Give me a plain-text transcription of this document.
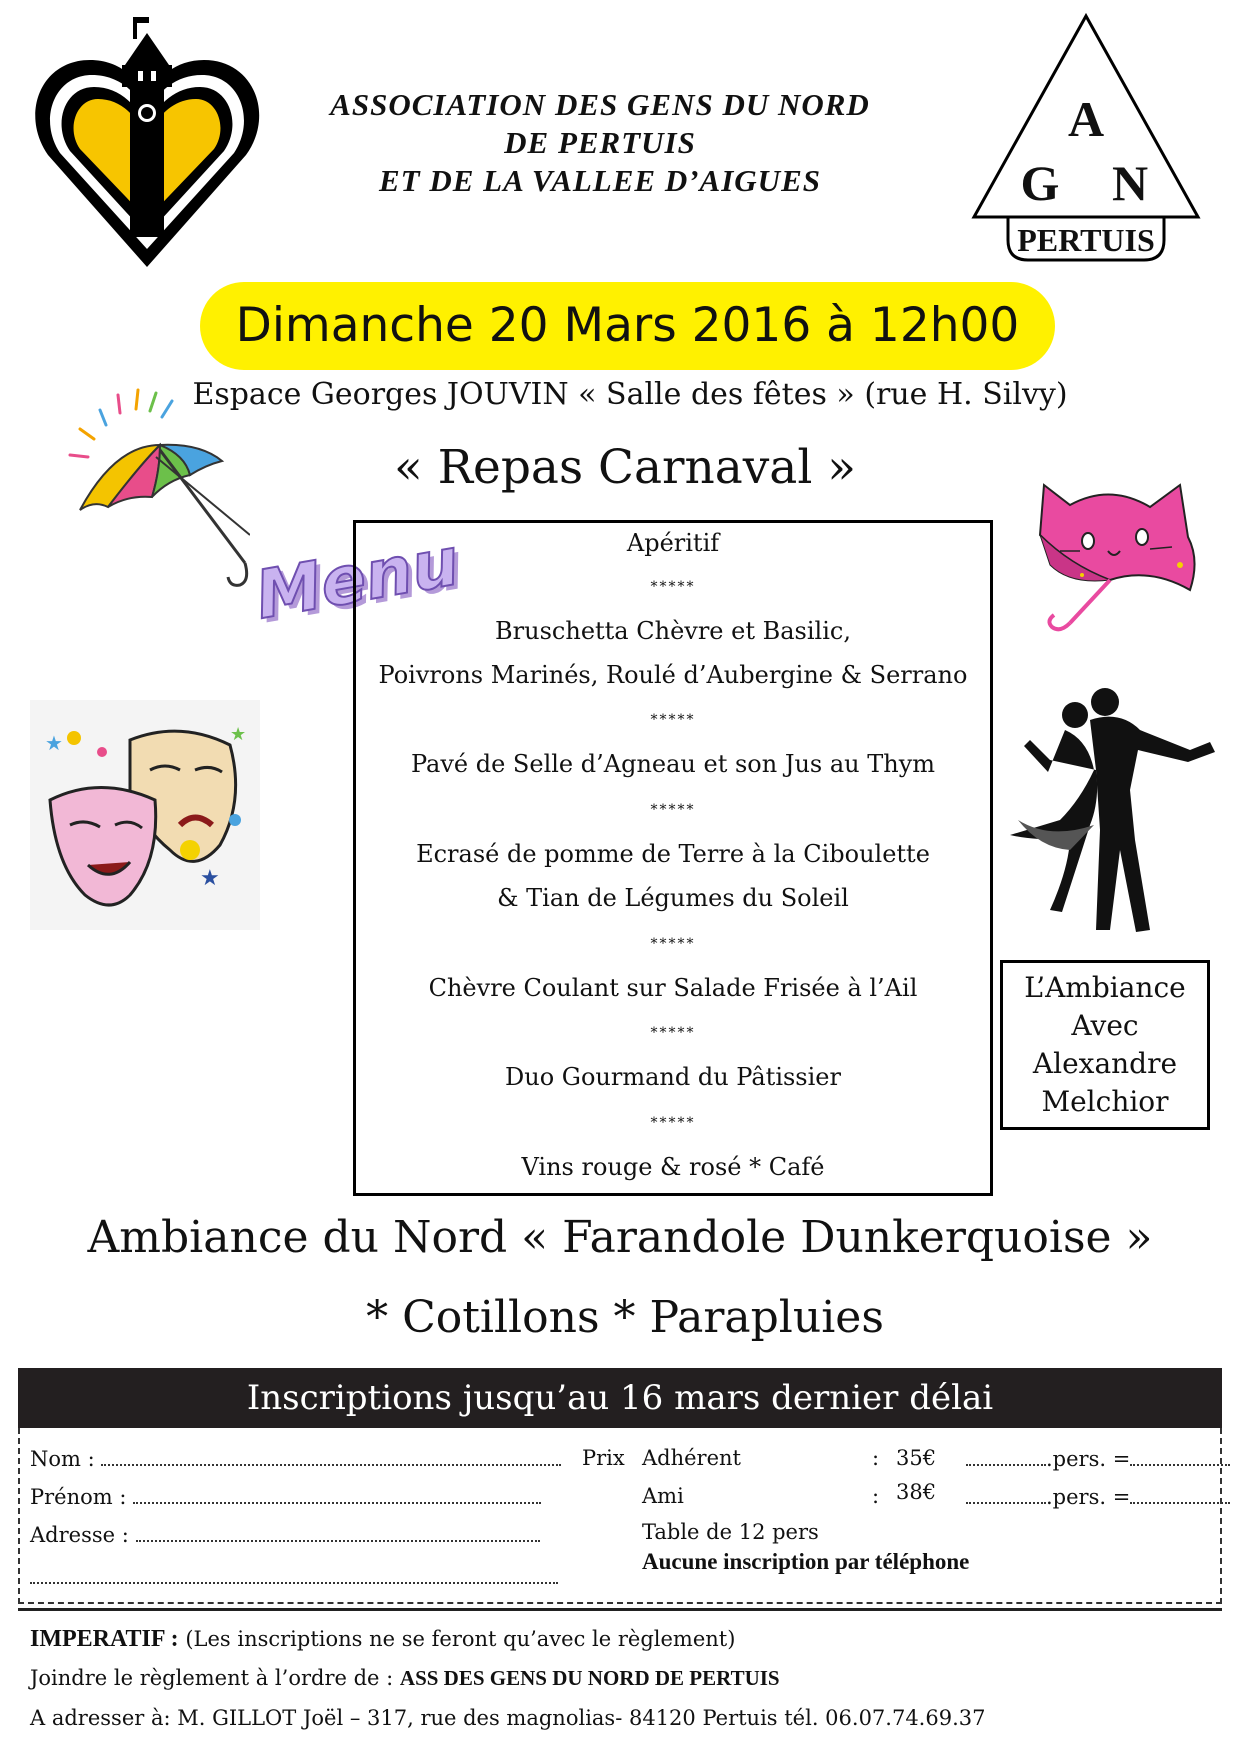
ASSOCIATION DES GENS DU NORD
DE PERTUIS
ET DE LA VALLEE D’AIGUES
A
G N
PERTUIS
Dimanche 20 Mars 2016 à 12h00
Espace Georges JOUVIN « Salle des fêtes » (rue H. Silvy)
« Repas Carnaval »
Menu	Apéritif
*****
Bruschetta Chèvre et Basilic,
Poivrons Marinés, Roulé d’Aubergine & Serrano
*****
Pavé de Selle d’Agneau et son Jus au Thym
*****
Ecrasé de pomme de Terre à la Ciboulette
& Tian de Légumes du Soleil
*****
Chèvre Coulant sur Salade Frisée à l’Ail
*****
Duo Gourmand du Pâtissier
*****
Vins rouge & rosé * Café
★	★
★
L’Ambiance
Avec
Alexandre
Melchior
Ambiance du Nord « Farandole Dunkerquoise »
* Cotillons * Parapluies
Inscriptions jusqu’au 16 mars dernier délai
Nom :
Prénom :
Adresse :
Prix Adhérent	: 35€	.pers. =
Ami	: 38€	.pers. =
Table de 12 pers
Aucune inscription par téléphone
IMPERATIF : (Les inscriptions ne se feront qu’avec le règlement)
Joindre le règlement à l’ordre de : ASS DES GENS DU NORD DE PERTUIS
A adresser à: M. GILLOT Joël – 317, rue des magnolias- 84120 Pertuis tél. 06.07.74.69.37
